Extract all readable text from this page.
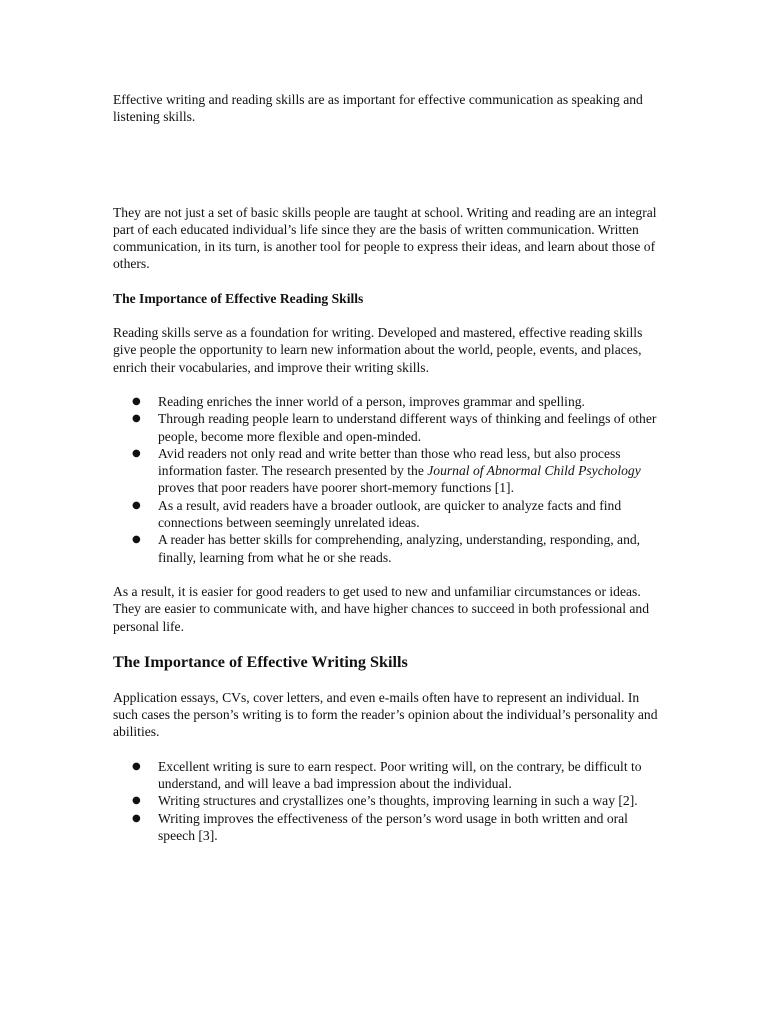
Effective writing and reading skills are as important for effective communication as speaking and listening skills.

They are not just a set of basic skills people are taught at school. Writing and reading are an integral part of each educated individual’s life since they are the basis of written communication. Written communication, in its turn, is another tool for people to express their ideas, and learn about those of others.

The Importance of Effective Reading Skills

Reading skills serve as a foundation for writing. Developed and mastered, effective reading skills give people the opportunity to learn new information about the world, people, events, and places, enrich their vocabularies, and improve their writing skills.

● Reading enriches the inner world of a person, improves grammar and spelling.
● Through reading people learn to understand different ways of thinking and feelings of other people, become more flexible and open-minded.
● Avid readers not only read and write better than those who read less, but also process information faster. The research presented by the Journal of Abnormal Child Psychology proves that poor readers have poorer short-memory functions [1].
● As a result, avid readers have a broader outlook, are quicker to analyze facts and find connections between seemingly unrelated ideas.
● A reader has better skills for comprehending, analyzing, understanding, responding, and, finally, learning from what he or she reads.

As a result, it is easier for good readers to get used to new and unfamiliar circumstances or ideas. They are easier to communicate with, and have higher chances to succeed in both professional and personal life.

The Importance of Effective Writing Skills

Application essays, CVs, cover letters, and even e-mails often have to represent an individual. In such cases the person’s writing is to form the reader’s opinion about the individual’s personality and abilities.

● Excellent writing is sure to earn respect. Poor writing will, on the contrary, be difficult to understand, and will leave a bad impression about the individual.
● Writing structures and crystallizes one’s thoughts, improving learning in such a way [2].
● Writing improves the effectiveness of the person’s word usage in both written and oral speech [3].
